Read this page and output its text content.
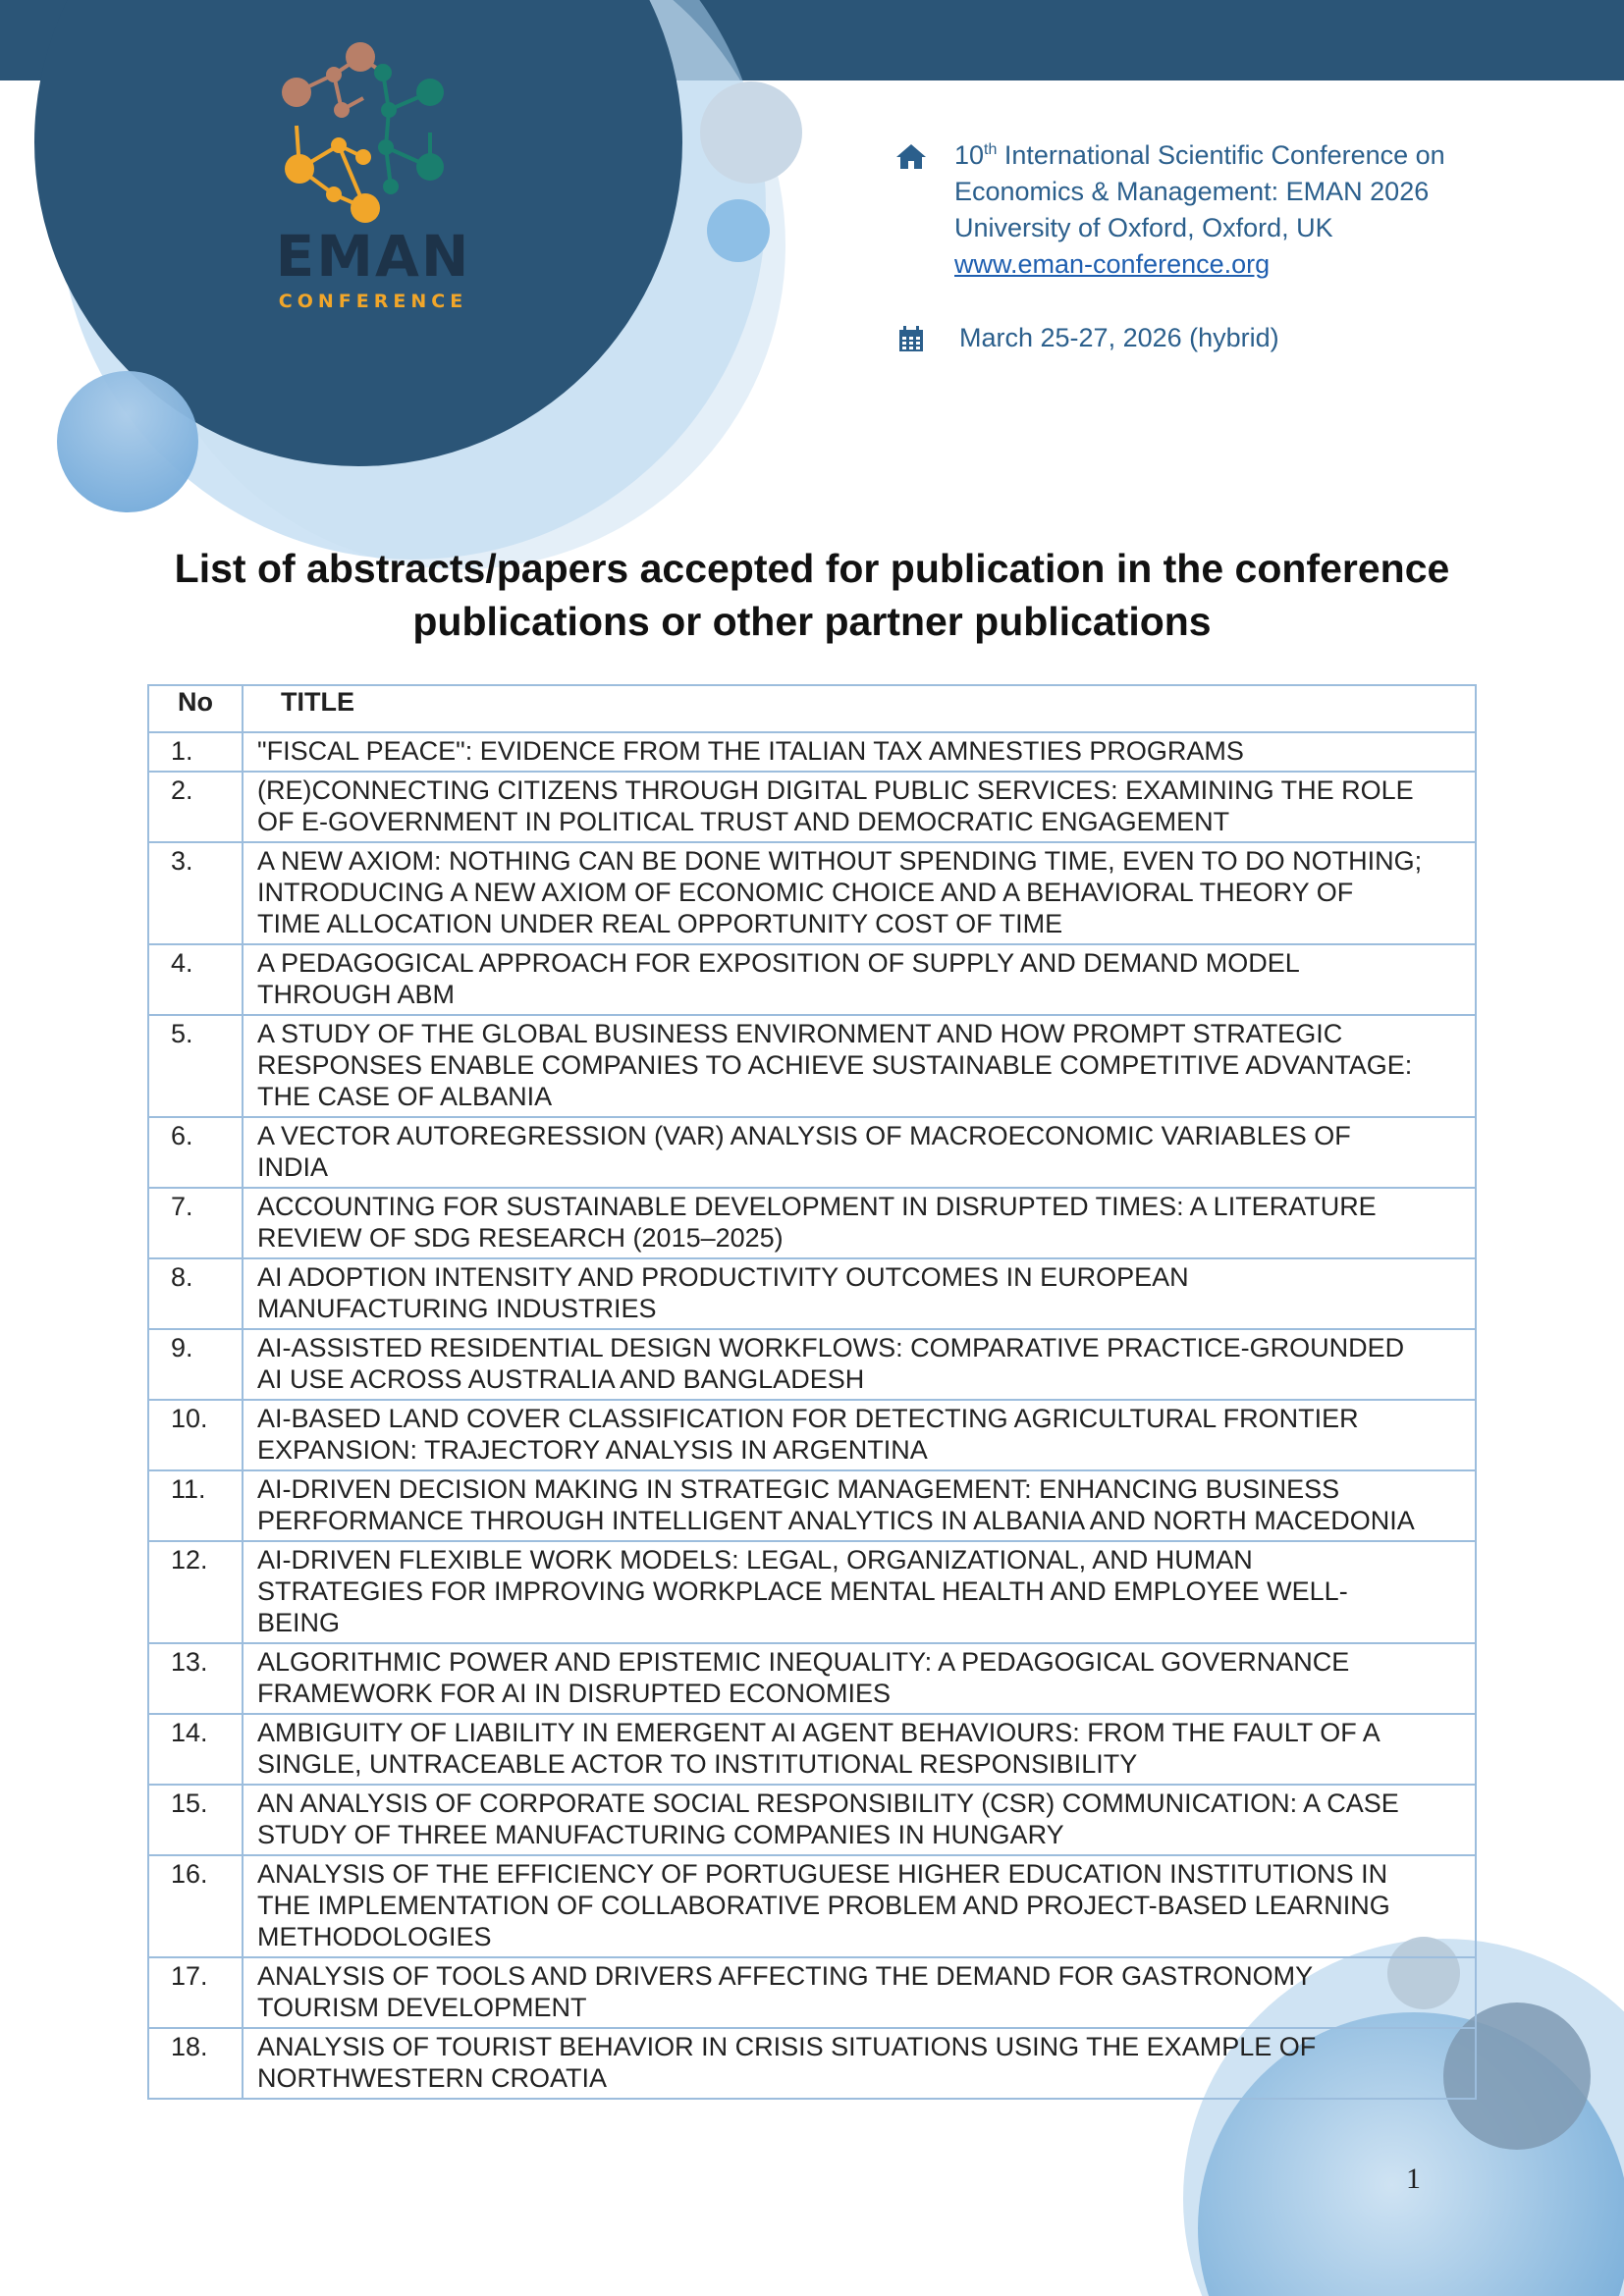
EMAN
CONFERENCE
10th International Scientific Conference on
Economics & Management: EMAN 2026
University of Oxford, Oxford, UK
www.eman-conference.org
March 25-27, 2026 (hybrid)
List of abstracts/papers accepted for publication in the conference
publications or other partner publications
No	TITLE
1.	"FISCAL PEACE": EVIDENCE FROM THE ITALIAN TAX AMNESTIES PROGRAMS

2.	(RE)CONNECTING CITIZENS THROUGH DIGITAL PUBLIC SERVICES: EXAMINING THE ROLE
OF E-GOVERNMENT IN POLITICAL TRUST AND DEMOCRATIC ENGAGEMENT

3.	A NEW AXIOM: NOTHING CAN BE DONE WITHOUT SPENDING TIME, EVEN TO DO NOTHING;
INTRODUCING A NEW AXIOM OF ECONOMIC CHOICE AND A BEHAVIORAL THEORY OF
TIME ALLOCATION UNDER REAL OPPORTUNITY COST OF TIME

4.	A PEDAGOGICAL APPROACH FOR EXPOSITION OF SUPPLY AND DEMAND MODEL
THROUGH ABM

5.	A STUDY OF THE GLOBAL BUSINESS ENVIRONMENT AND HOW PROMPT STRATEGIC
RESPONSES ENABLE COMPANIES TO ACHIEVE SUSTAINABLE COMPETITIVE ADVANTAGE:
THE CASE OF ALBANIA

6.	A VECTOR AUTOREGRESSION (VAR) ANALYSIS OF MACROECONOMIC VARIABLES OF
INDIA

7.	ACCOUNTING FOR SUSTAINABLE DEVELOPMENT IN DISRUPTED TIMES: A LITERATURE
REVIEW OF SDG RESEARCH (2015–2025)

8.	AI ADOPTION INTENSITY AND PRODUCTIVITY OUTCOMES IN EUROPEAN
MANUFACTURING INDUSTRIES

9.	AI-ASSISTED RESIDENTIAL DESIGN WORKFLOWS: COMPARATIVE PRACTICE-GROUNDED
AI USE ACROSS AUSTRALIA AND BANGLADESH

10.	AI-BASED LAND COVER CLASSIFICATION FOR DETECTING AGRICULTURAL FRONTIER
EXPANSION: TRAJECTORY ANALYSIS IN ARGENTINA

11.	AI-DRIVEN DECISION MAKING IN STRATEGIC MANAGEMENT: ENHANCING BUSINESS
PERFORMANCE THROUGH INTELLIGENT ANALYTICS IN ALBANIA AND NORTH MACEDONIA

12.	AI-DRIVEN FLEXIBLE WORK MODELS: LEGAL, ORGANIZATIONAL, AND HUMAN
STRATEGIES FOR IMPROVING WORKPLACE MENTAL HEALTH AND EMPLOYEE WELL-
BEING

13.	ALGORITHMIC POWER AND EPISTEMIC INEQUALITY: A PEDAGOGICAL GOVERNANCE
FRAMEWORK FOR AI IN DISRUPTED ECONOMIES

14.	AMBIGUITY OF LIABILITY IN EMERGENT AI AGENT BEHAVIOURS: FROM THE FAULT OF A
SINGLE, UNTRACEABLE ACTOR TO INSTITUTIONAL RESPONSIBILITY

15.	AN ANALYSIS OF CORPORATE SOCIAL RESPONSIBILITY (CSR) COMMUNICATION: A CASE
STUDY OF THREE MANUFACTURING COMPANIES IN HUNGARY

16.	ANALYSIS OF THE EFFICIENCY OF PORTUGUESE HIGHER EDUCATION INSTITUTIONS IN
THE IMPLEMENTATION OF COLLABORATIVE PROBLEM AND PROJECT-BASED LEARNING
METHODOLOGIES

17.	ANALYSIS OF TOOLS AND DRIVERS AFFECTING THE DEMAND FOR GASTRONOMY
TOURISM DEVELOPMENT

18.	ANALYSIS OF TOURIST BEHAVIOR IN CRISIS SITUATIONS USING THE EXAMPLE OF
NORTHWESTERN CROATIA
1
